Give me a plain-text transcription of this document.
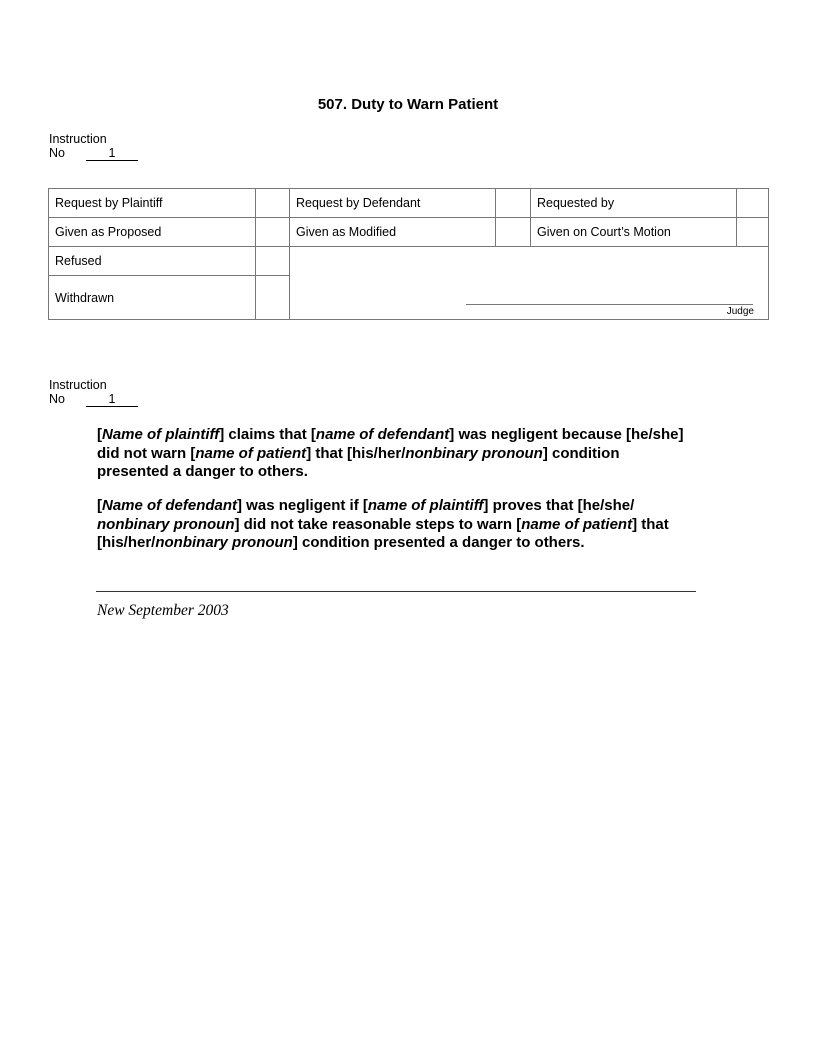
507. Duty to Warn Patient
Instruction
No	1
Request by Plaintiff	Request by Defendant	Requested by
Given as Proposed	Given as Modified	Given on Court’s Motion
Refused
Withdrawn
Judge
Instruction
No	1
[Name of plaintiff] claims that [name of defendant] was negligent because [he/she] did not warn [name of patient] that [his/her/nonbinary pronoun] condition presented a danger to others.
[Name of defendant] was negligent if [name of plaintiff] proves that [he/she/
nonbinary pronoun] did not take reasonable steps to warn [name of patient] that [his/her/nonbinary pronoun] condition presented a danger to others.
New September 2003
